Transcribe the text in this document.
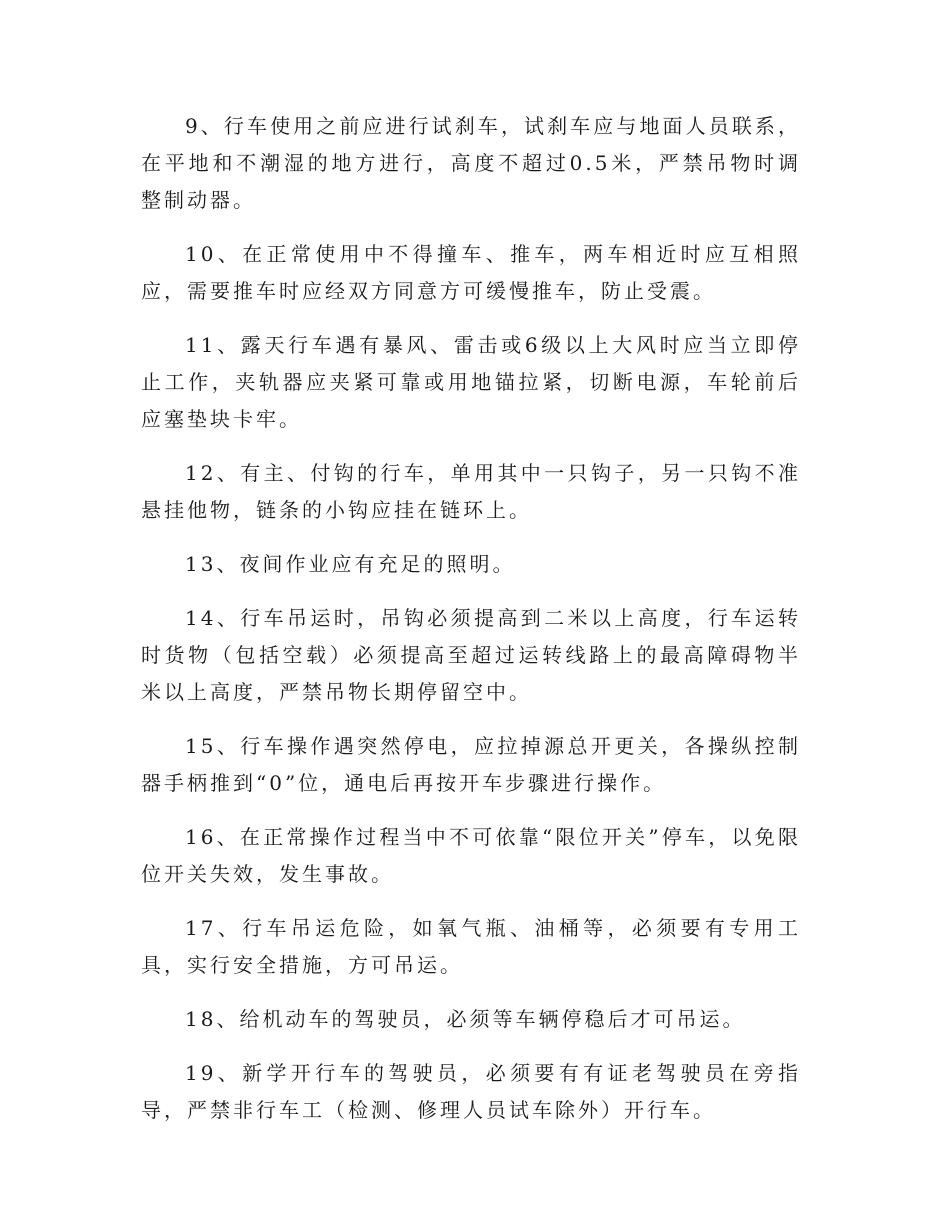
9、行车使用之前应进行试刹车，试刹车应与地面人员联系，在平地和不潮湿的地方进行，高度不超过0.5米，严禁吊物时调整制动器。

10、在正常使用中不得撞车、推车，两车相近时应互相照应，需要推车时应经双方同意方可缓慢推车，防止受震。

11、露天行车遇有暴风、雷击或6级以上大风时应当立即停止工作，夹轨器应夹紧可靠或用地锚拉紧，切断电源，车轮前后应塞垫块卡牢。

12、有主、付钩的行车，单用其中一只钩子，另一只钩不准悬挂他物，链条的小钩应挂在链环上。

13、夜间作业应有充足的照明。

14、行车吊运时，吊钩必须提高到二米以上高度，行车运转时货物（包括空载）必须提高至超过运转线路上的最高障碍物半米以上高度，严禁吊物长期停留空中。

15、行车操作遇突然停电，应拉掉源总开更关，各操纵控制器手柄推到“0”位，通电后再按开车步骤进行操作。

16、在正常操作过程当中不可依靠“限位开关”停车，以免限位开关失效，发生事故。

17、行车吊运危险，如氧气瓶、油桶等，必须要有专用工具，实行安全措施，方可吊运。

18、给机动车的驾驶员，必须等车辆停稳后才可吊运。

19、新学开行车的驾驶员，必须要有有证老驾驶员在旁指导，严禁非行车工（检测、修理人员试车除外）开行车。
